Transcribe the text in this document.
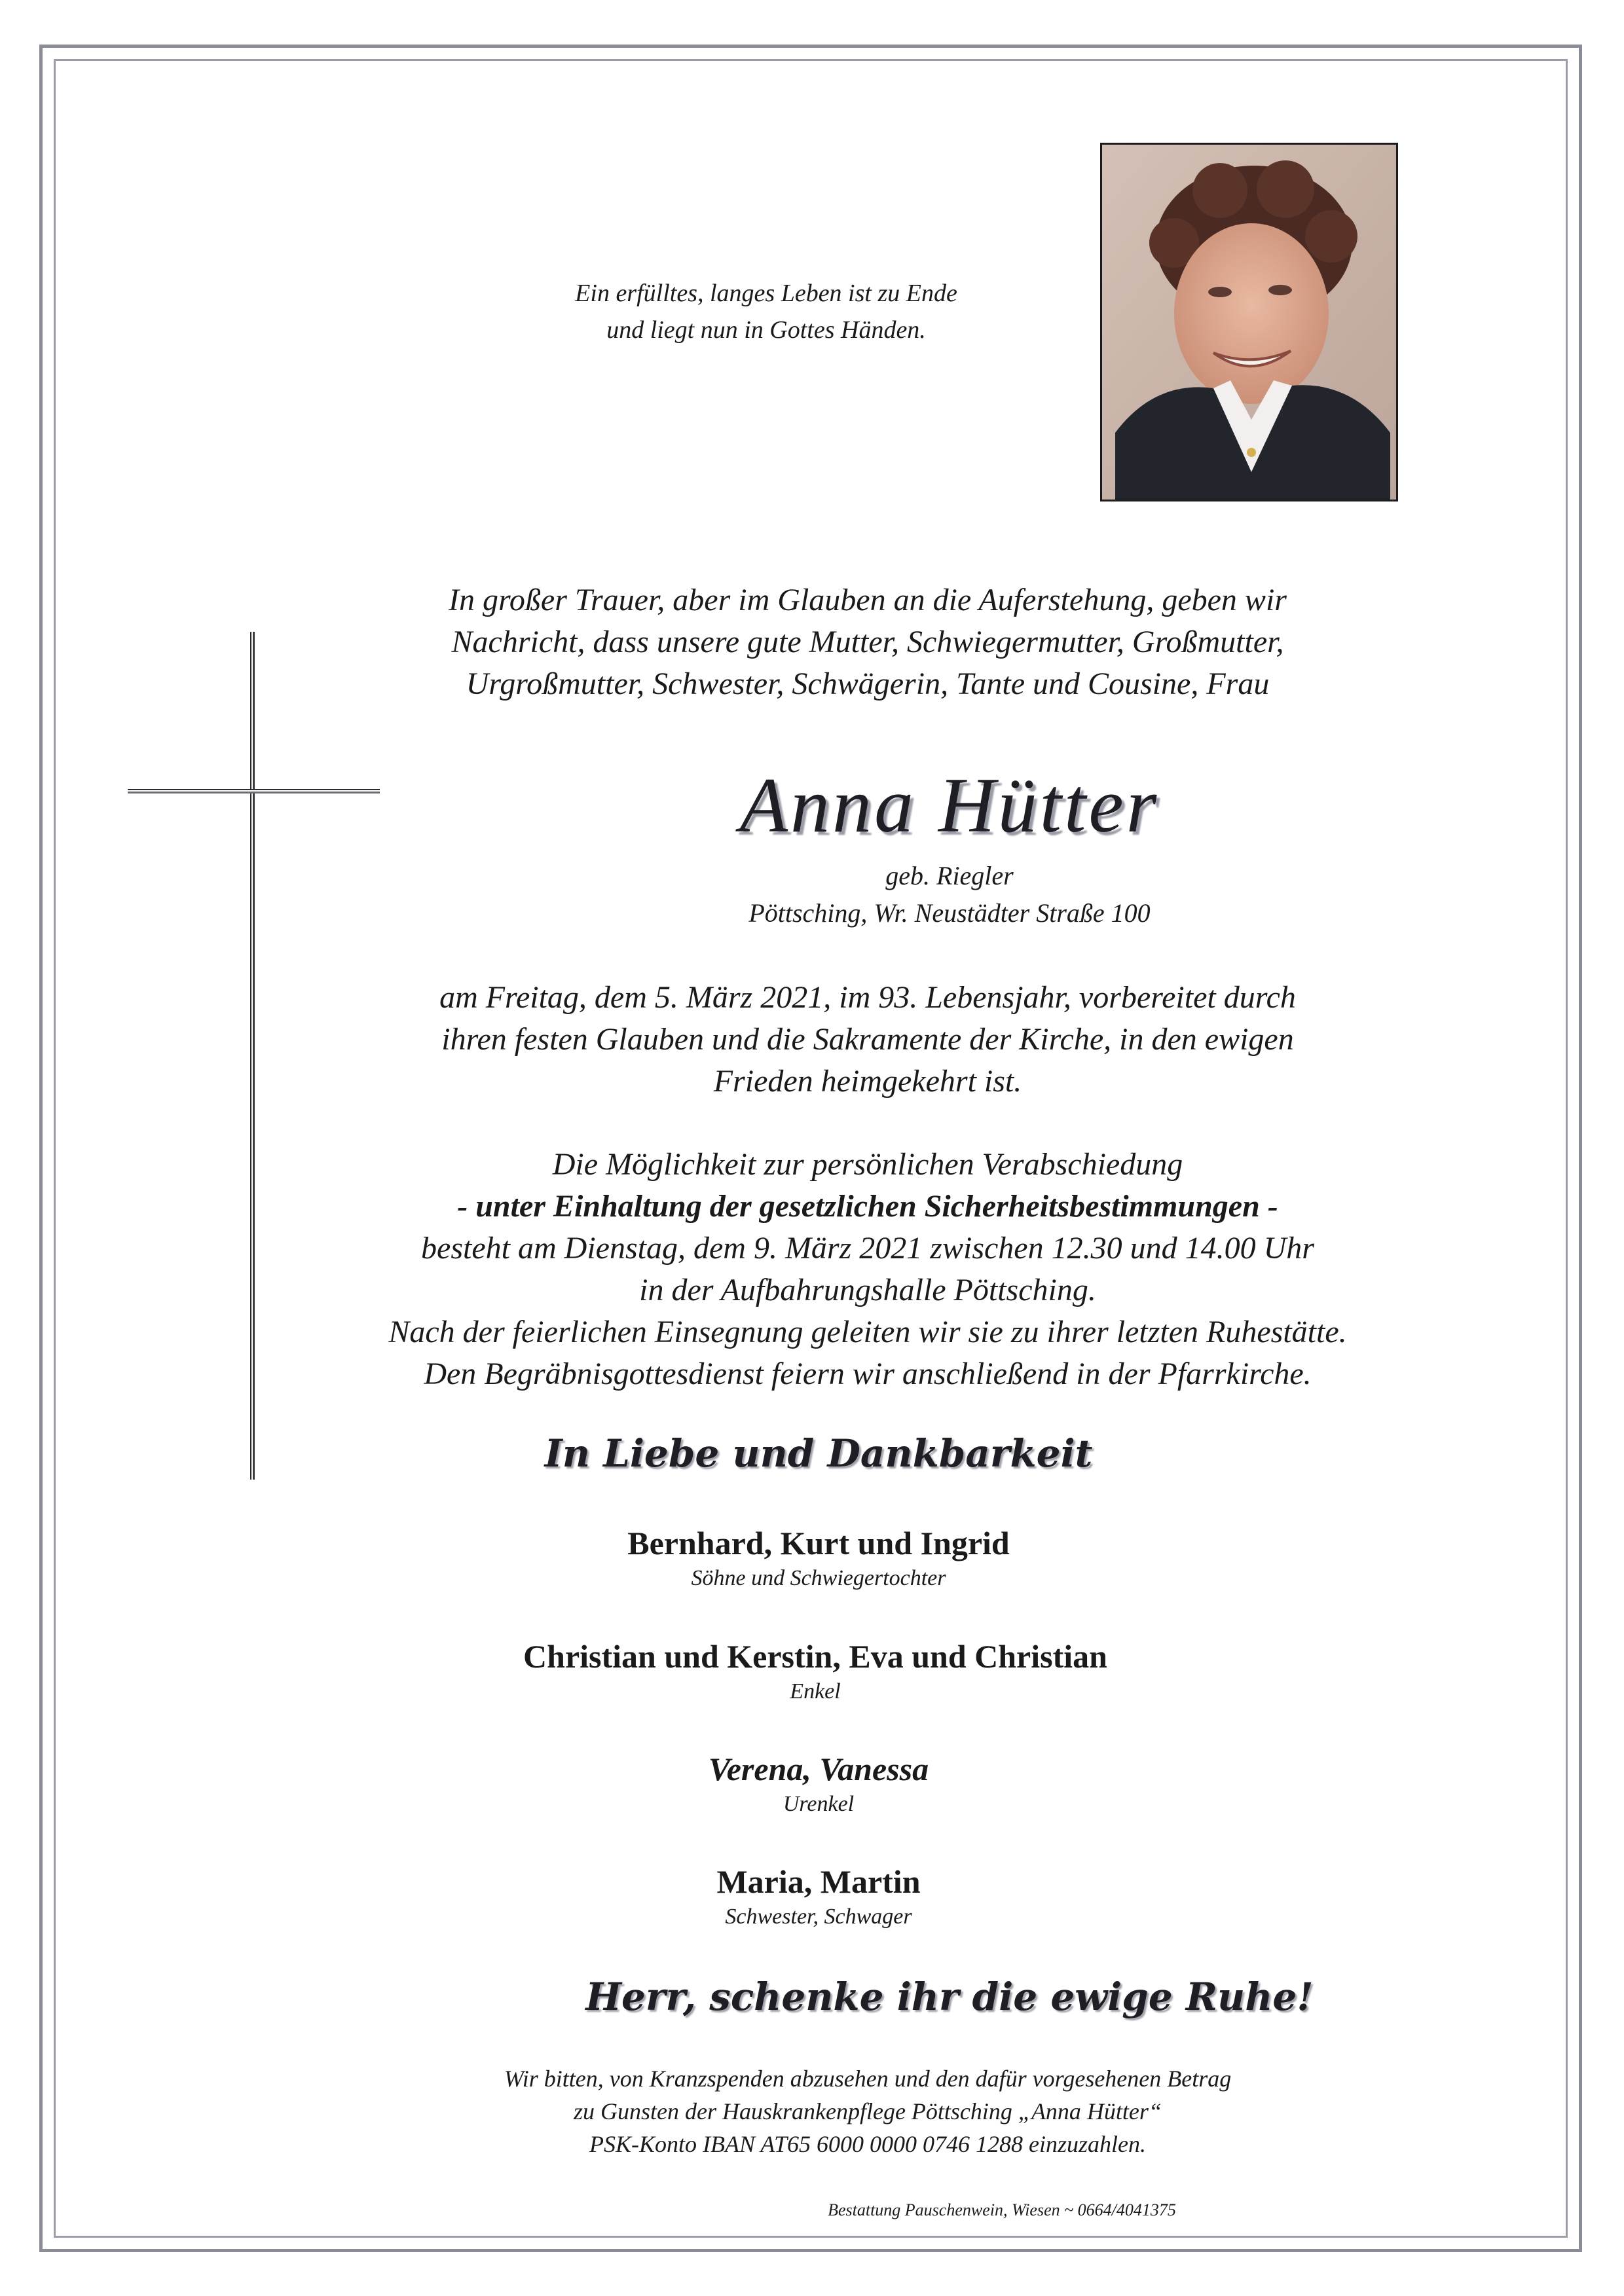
Ein erfülltes, langes Leben ist zu Ende
und liegt nun in Gottes Händen.
In großer Trauer, aber im Glauben an die Auferstehung, geben wir
Nachricht, dass unsere gute Mutter, Schwiegermutter, Großmutter,
Urgroßmutter, Schwester, Schwägerin, Tante und Cousine, Frau
Anna Hütter
geb. Riegler
Pöttsching, Wr. Neustädter Straße 100
am Freitag, dem 5. März 2021, im 93. Lebensjahr, vorbereitet durch
ihren festen Glauben und die Sakramente der Kirche, in den ewigen
Frieden heimgekehrt ist.
Die Möglichkeit zur persönlichen Verabschiedung
- unter Einhaltung der gesetzlichen Sicherheitsbestimmungen -
besteht am Dienstag, dem 9. März 2021 zwischen 12.30 und 14.00 Uhr
in der Aufbahrungshalle Pöttsching.
Nach der feierlichen Einsegnung geleiten wir sie zu ihrer letzten Ruhestätte.
Den Begräbnisgottesdienst feiern wir anschließend in der Pfarrkirche.
In Liebe und Dankbarkeit
Bernhard, Kurt und Ingrid
Söhne und Schwiegertochter
Christian und Kerstin, Eva und Christian
Enkel
Verena, Vanessa
Urenkel
Maria, Martin
Schwester, Schwager
Herr, schenke ihr die ewige Ruhe!
Wir bitten, von Kranzspenden abzusehen und den dafür vorgesehenen Betrag
zu Gunsten der Hauskrankenpflege Pöttsching „Anna Hütter“
PSK-Konto IBAN AT65 6000 0000 0746 1288 einzuzahlen.
Bestattung Pauschenwein, Wiesen ~ 0664/4041375
